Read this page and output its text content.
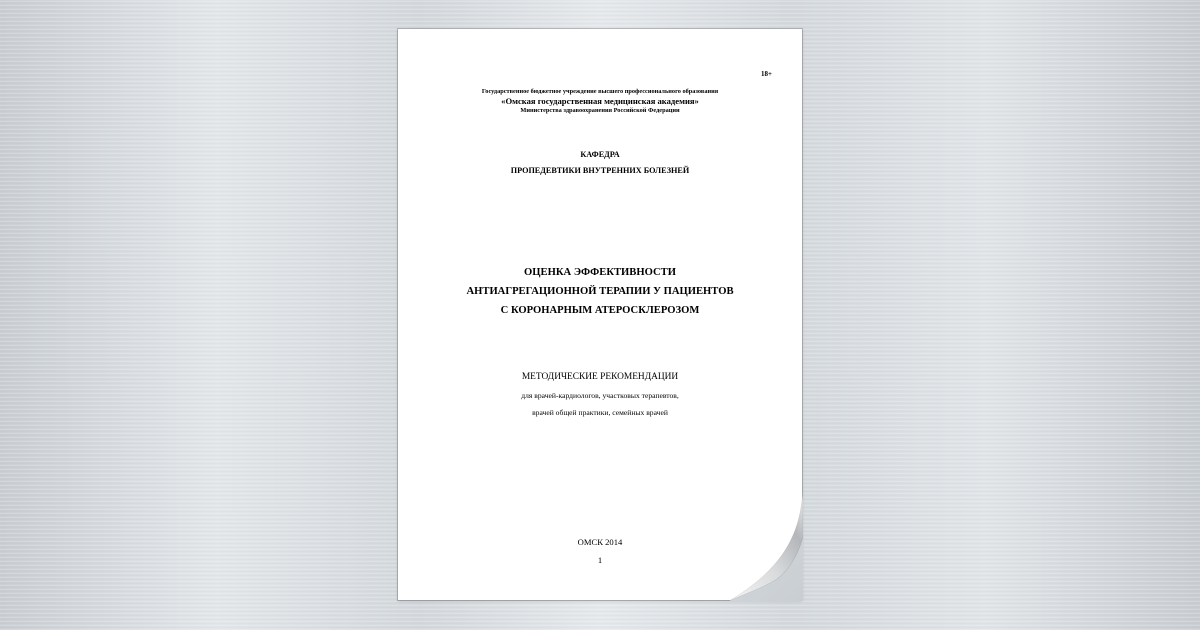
18+
Государственное бюджетное учреждение высшего профессионального образования
«Омская государственная медицинская академия»
Министерства здравоохранения Российской Федерации
КАФЕДРА
ПРОПЕДЕВТИКИ ВНУТРЕННИХ БОЛЕЗНЕЙ
ОЦЕНКА ЭФФЕКТИВНОСТИ
АНТИАГРЕГАЦИОННОЙ ТЕРАПИИ У ПАЦИЕНТОВ
С КОРОНАРНЫМ АТЕРОСКЛЕРОЗОМ
МЕТОДИЧЕСКИЕ РЕКОМЕНДАЦИИ
для врачей-кардиологов, участковых терапевтов,
врачей общей практики, семейных врачей
ОМСК 2014
1
